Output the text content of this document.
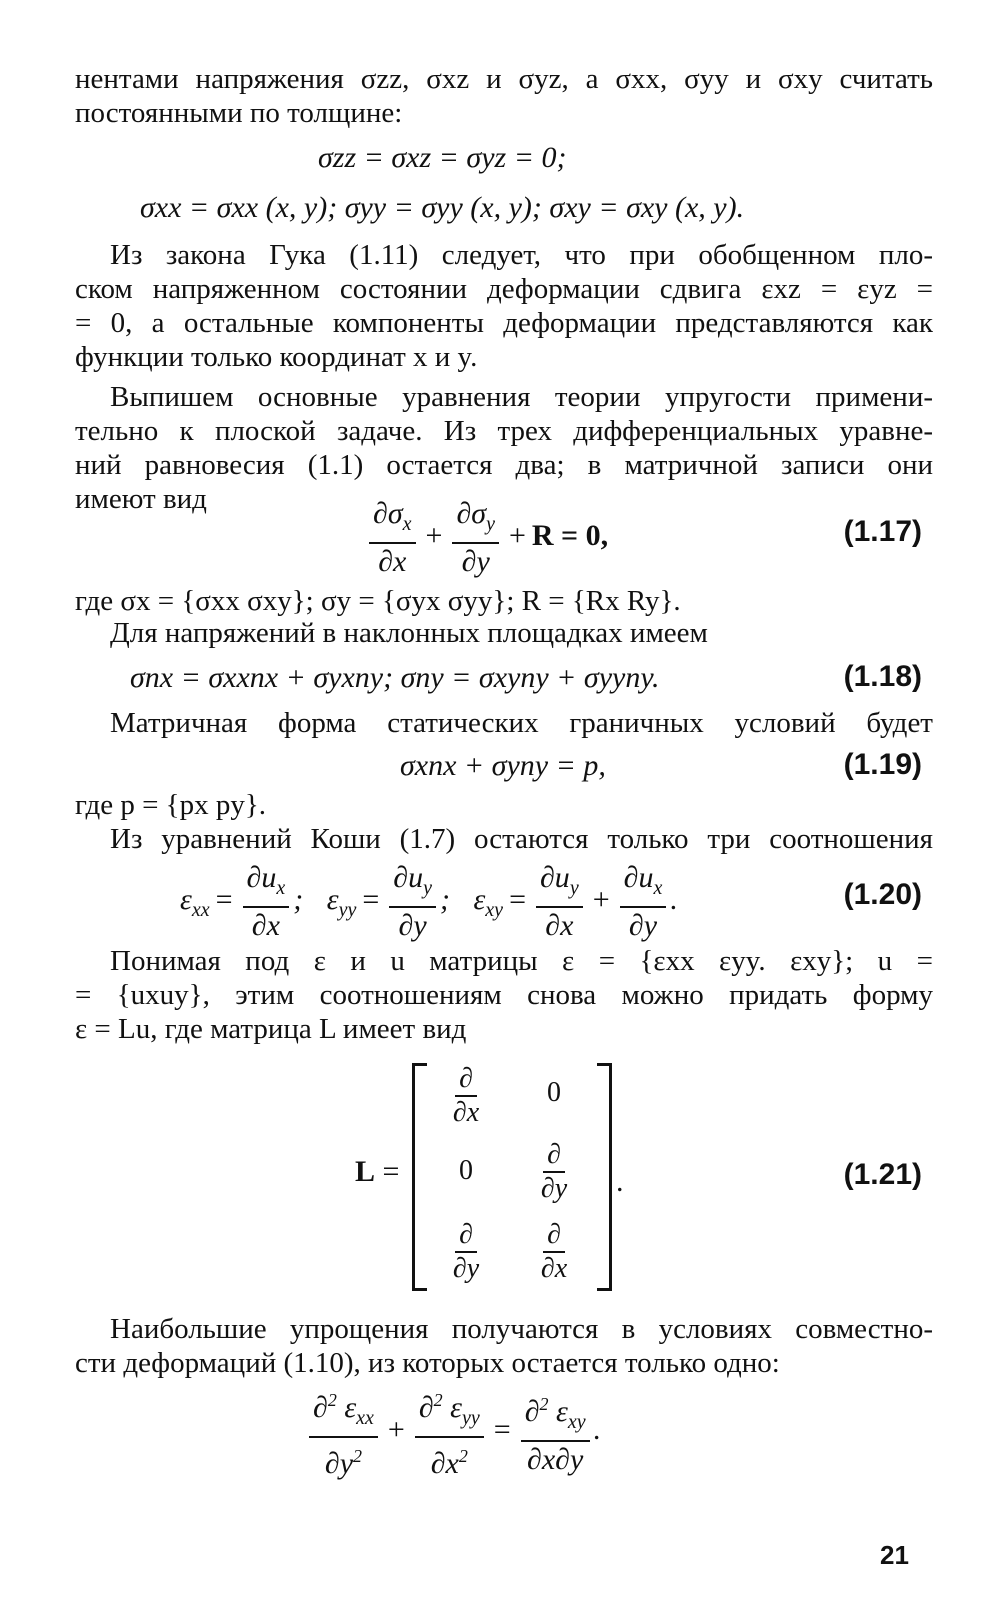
нентами напряжения σzz, σxz и σyz, а σxx, σyy и σxy считать
постоянными по толщине:
σzz = σxz = σyz = 0;
σxx = σxx (x, y); σyy = σyy (x, y); σxy = σxy (x, y).
Из закона Гука (1.11) следует, что при обобщенном пло-
ском напряженном состоянии деформации сдвига εxz = εyz =
= 0, а остальные компоненты деформации представляются как
функции только координат x и y.
Выпишем основные уравнения теории упругости примени-
тельно к плоской задаче. Из трех дифференциальных уравне-
ний равновесия (1.1) остается два; в матричной записи они
имеют вид	$\frac{\partial\sigma_x}{\partial x} + \frac{\partial\sigma_y}{\partial y} + R = 0$,	(1.17)
где σx = {σxx σxy}; σy = {σyx σyy}; R = {Rx Ry}.
Для напряжений в наклонных площадках имеем
σnx = σxxnx + σyxny; σny = σxyny + σyyny.	(1.18)
Матричная форма статических граничных условий будет
σxnx + σyny = p,	(1.19)
где p = {px py}.
Из уравнений Коши (1.7) остаются только три соотношения
$\varepsilon_{xx} = \frac{\partial u_x}{\partial x}$ ; $\varepsilon_{yy} = \frac{\partial u_y}{\partial y}$ ; $\varepsilon_{xy} = \frac{\partial u_y}{\partial x} + \frac{\partial u_x}{\partial y}$ .	(1.20)
Понимая под ε и u матрицы ε = {εxx εyy. εxy}; u =
= {uxuy}, этим соотношениям снова можно придать форму
ε = Lu, где матрица L имеет вид
L =
$\frac{\partial}{\partial x}$	0
0	$\frac{\partial}{\partial y}$
$\frac{\partial}{\partial y} \frac{\partial}{\partial x}$
.	(1.21)
Наибольшие упрощения получаются в условиях совместно-
сти деформаций (1.10), из которых остается только одно:
$\frac{\partial^2 \varepsilon_{xx}}{\partial y^2} + \frac{\partial^2 \varepsilon_{yy}}{\partial x^2} = \frac{\partial^2 \varepsilon_{xy}}{\partial x\partial y}$ .
21
